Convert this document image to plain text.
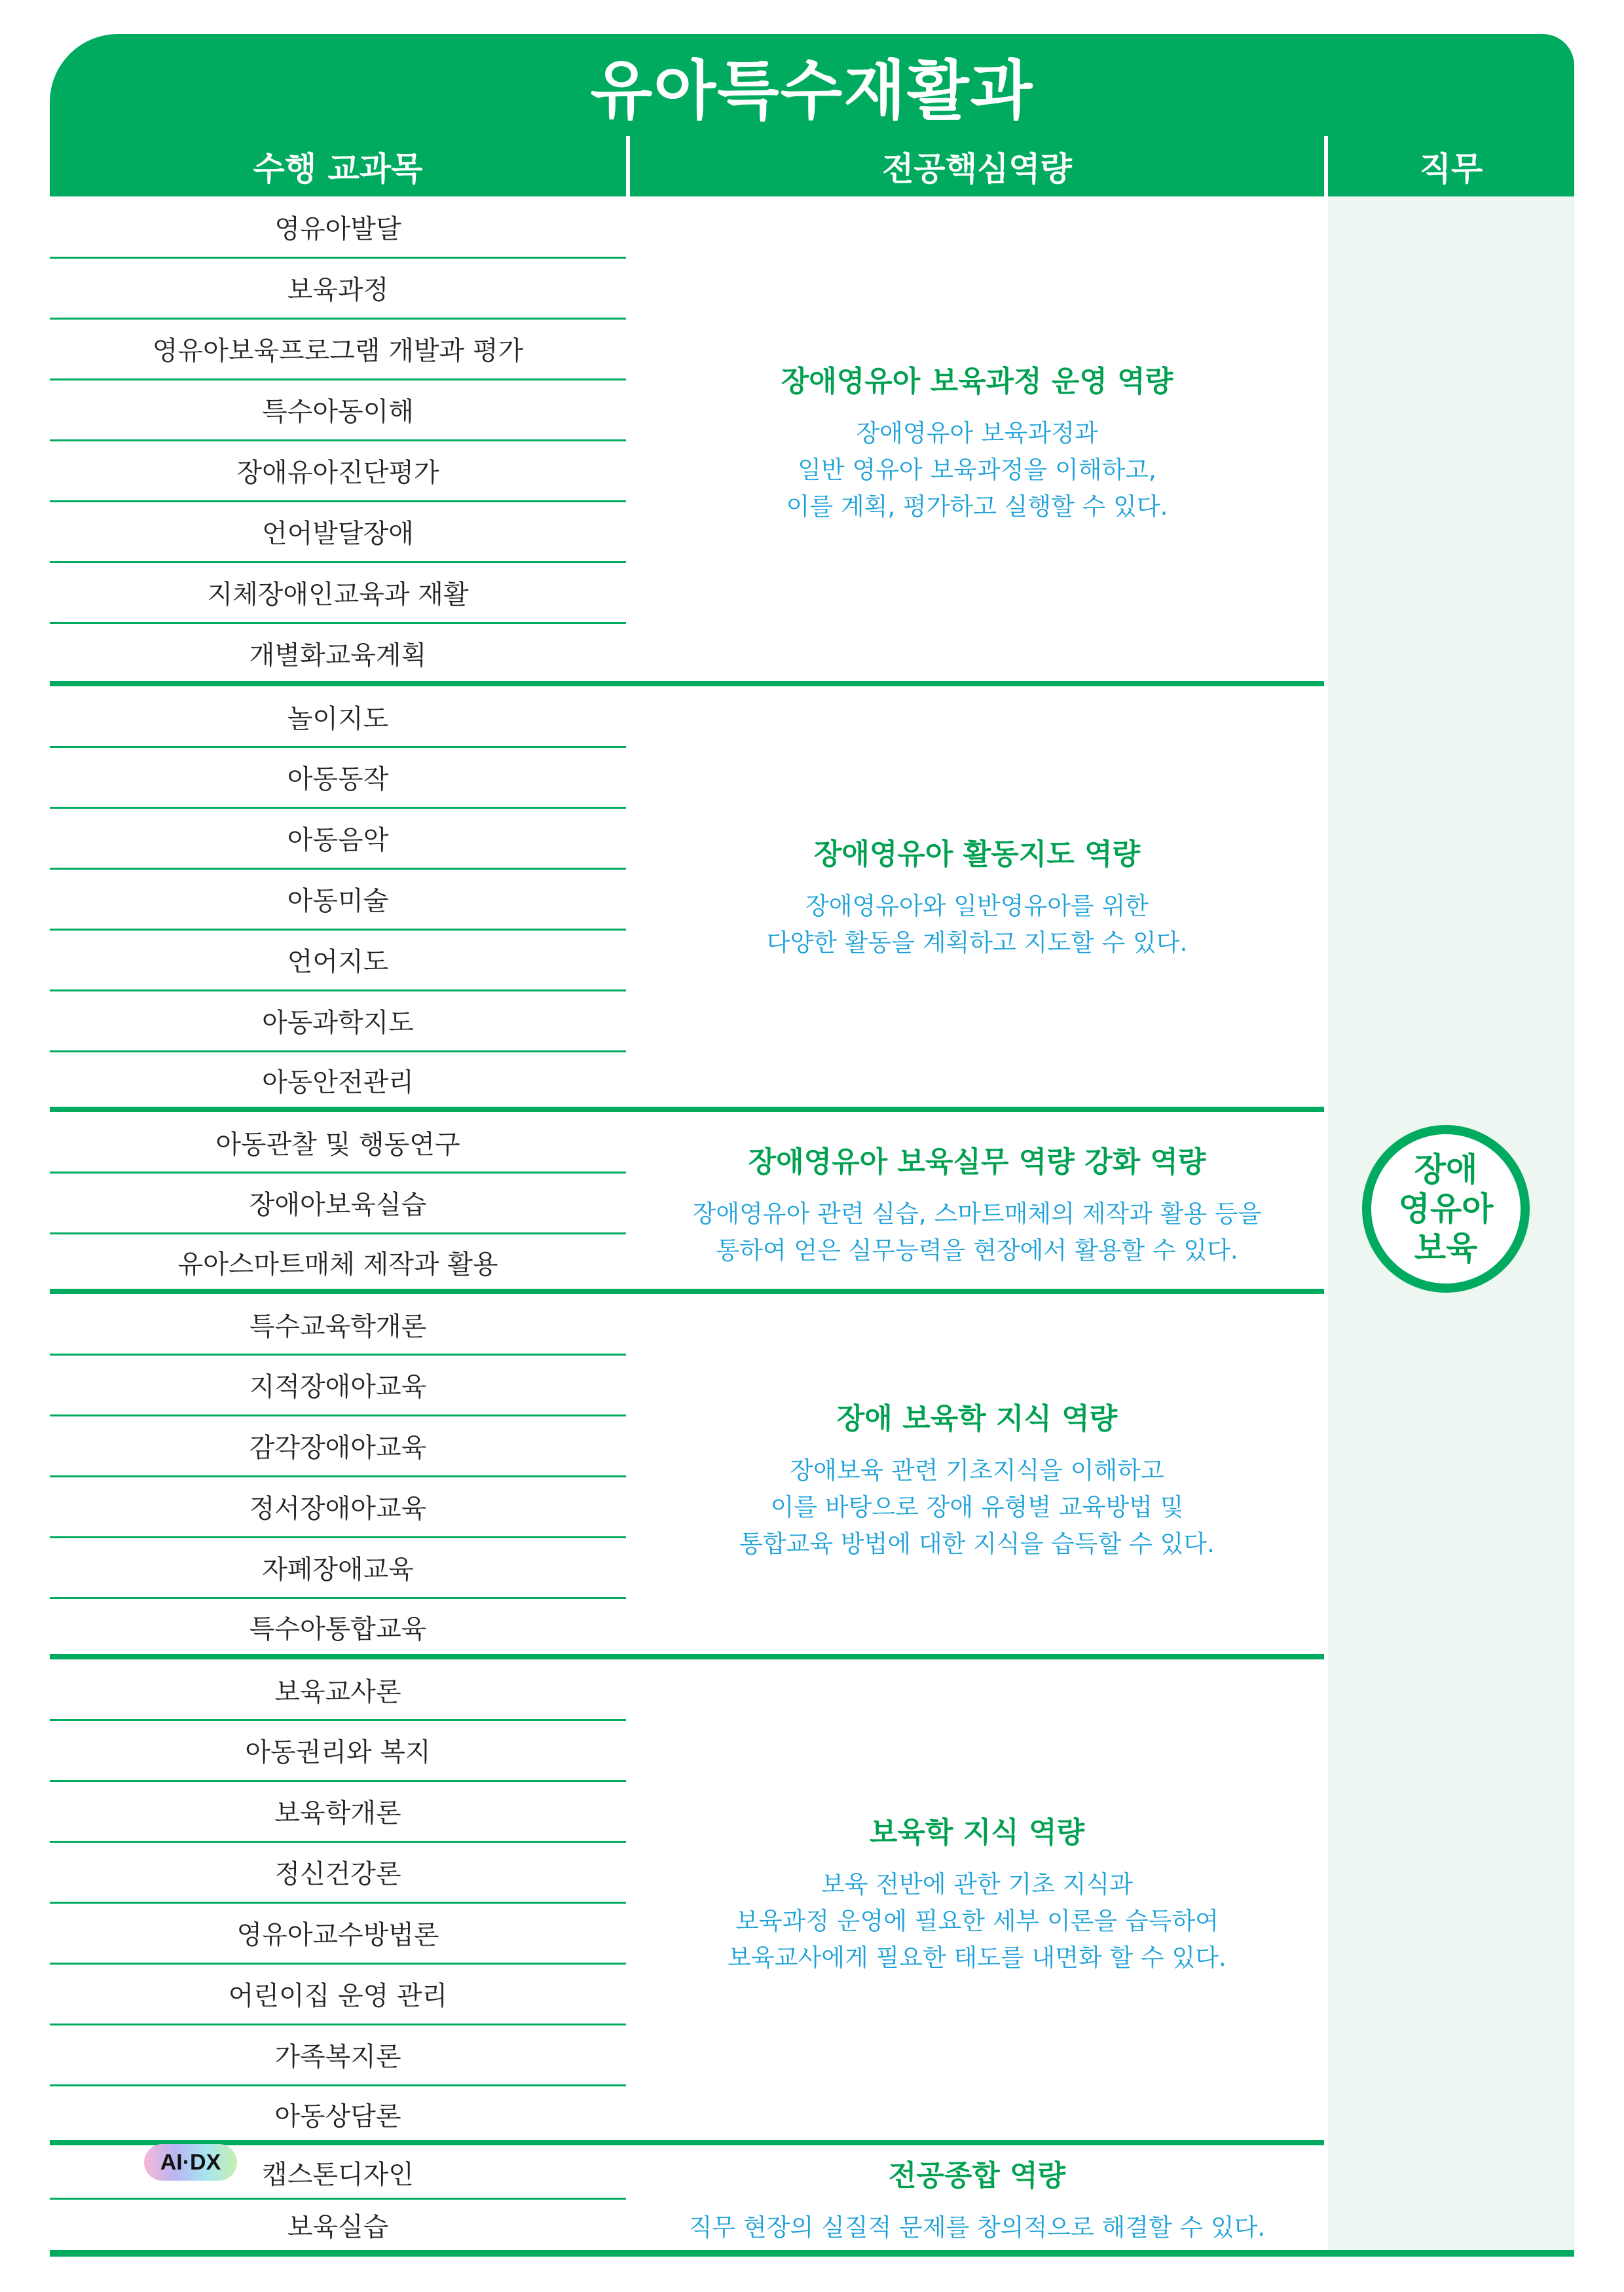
유아특수재활과
수행 교과목	전공핵심역량	직무
영유아발달
보육과정
영유아보육프로그램 개발과 평가
특수아동이해
장애유아진단평가
언어발달장애
지체장애인교육과 재활
개별화교육계획
장애영유아 보육과정 운영 역량
장애영유아 보육과정과
일반 영유아 보육과정을 이해하고,
이를 계획, 평가하고 실행할 수 있다.
놀이지도
아동동작
아동음악
아동미술
언어지도
아동과학지도
아동안전관리
장애영유아 활동지도 역량
장애영유아와 일반영유아를 위한
다양한 활동을 계획하고 지도할 수 있다.
아동관찰 및 행동연구
장애아보육실습
유아스마트매체 제작과 활용
장애영유아 보육실무 역량 강화 역량
장애영유아 관련 실습, 스마트매체의 제작과 활용 등을
통하여 얻은 실무능력을 현장에서 활용할 수 있다.
특수교육학개론
지적장애아교육
감각장애아교육
정서장애아교육
자폐장애교육
특수아통합교육
장애 보육학 지식 역량
장애보육 관련 기초지식을 이해하고
이를 바탕으로 장애 유형별 교육방법 및
통합교육 방법에 대한 지식을 습득할 수 있다.
보육교사론
아동권리와 복지
보육학개론
정신건강론
영유아교수방법론
어린이집 운영 관리
가족복지론
아동상담론
보육학 지식 역량
보육 전반에 관한 기초 지식과
보육과정 운영에 필요한 세부 이론을 습득하여
보육교사에게 필요한 태도를 내면화 할 수 있다.
캡스톤디자인
AI·DX
보육실습
전공종합 역량
직무 현장의 실질적 문제를 창의적으로 해결할 수 있다.
장애
영유아
보육
